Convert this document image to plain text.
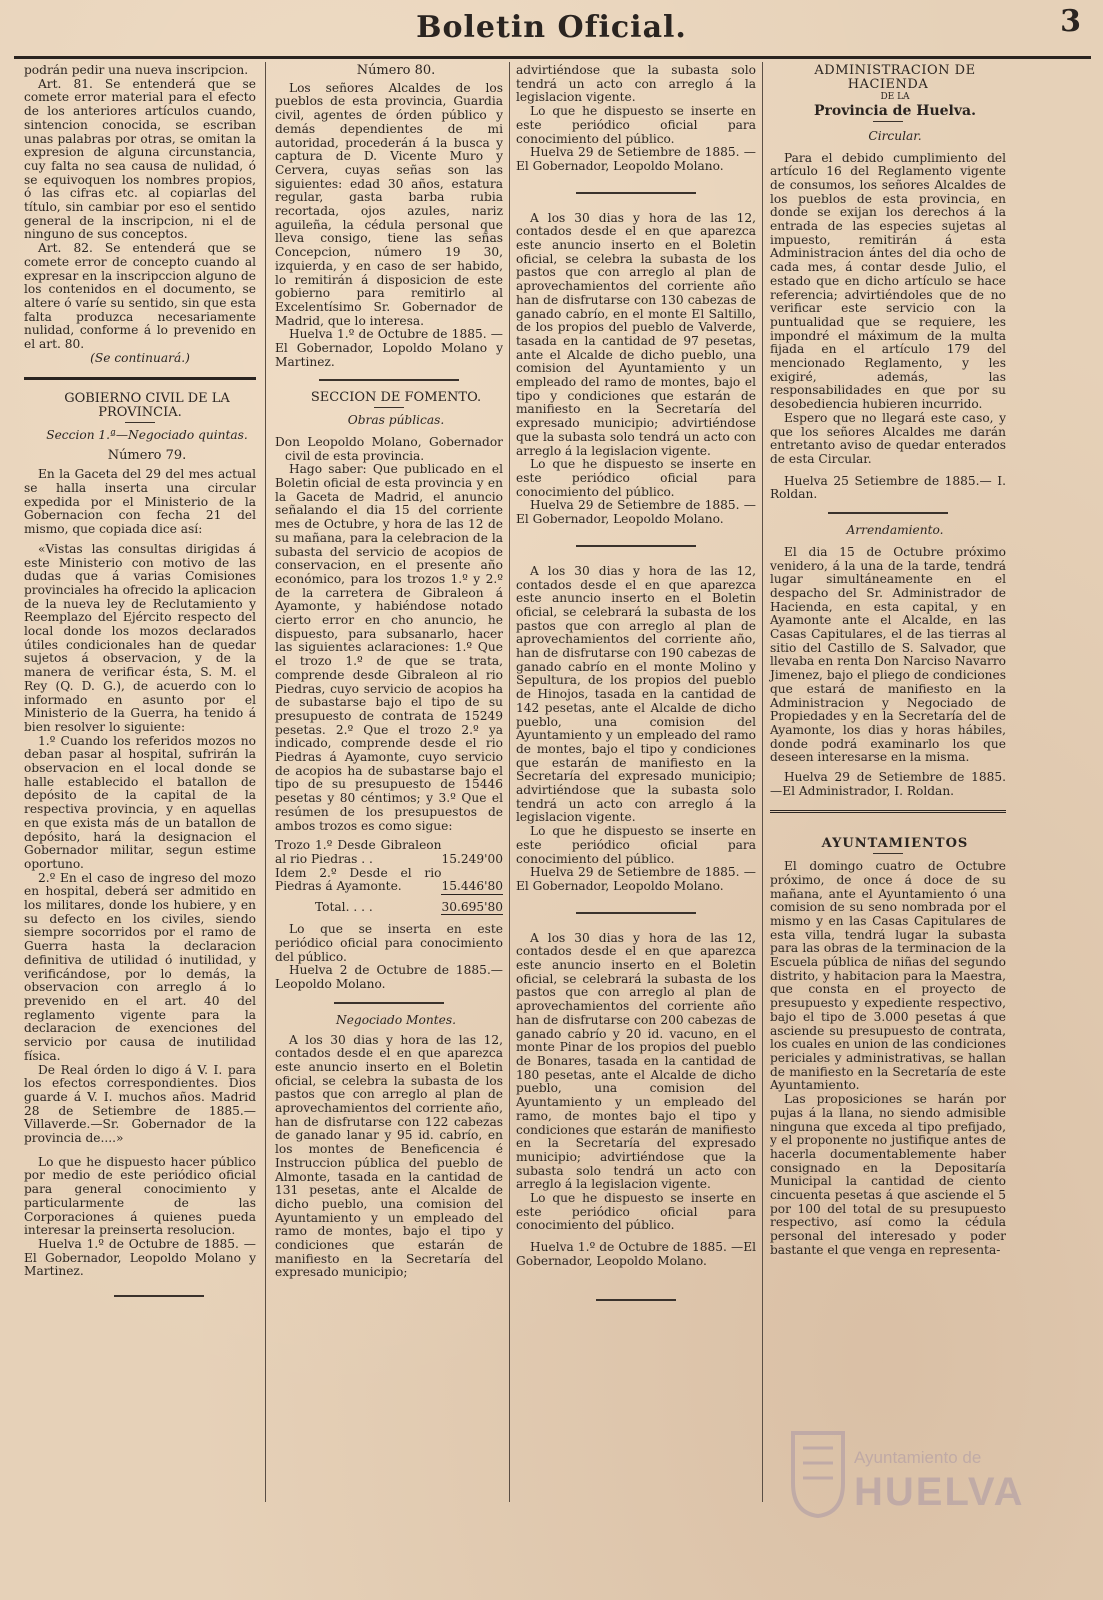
Boletin Oficial.	3

podrán pedir una nueva inscripcion.

Art. 81. Se entenderá que se comete error material para el efecto de los anteriores artículos cuando, sintencion conocida, se escriban unas palabras por otras, se omitan la expresion de alguna circunstancia, cuy falta no sea causa de nulidad, ó se equivoquen los nombres propios, ó las cifras etc. al copiarlas del título, sin cambiar por eso el sentido general de la inscripcion, ni el de ninguno de sus conceptos.

Art. 82. Se entenderá que se comete error de concepto cuando al expresar en la inscripccion alguno de los contenidos en el documento, se altere ó varíe su sentido, sin que esta falta produzca necesariamente nulidad, conforme á lo prevenido en el art. 80.

(Se continuará.)

GOBIERNO CIVIL DE LA PROVINCIA.

Seccion 1.ª—Negociado quintas.

Número 79.

En la Gaceta del 29 del mes actual se halla inserta una circular expedida por el Ministerio de la Gobernacion con fecha 21 del mismo, que copiada dice así:

«Vistas las consultas dirigidas á este Ministerio con motivo de las dudas que á varias Comisiones provinciales ha ofrecido la aplicacion de la nueva ley de Reclutamiento y Reemplazo del Ejército respecto del local donde los mozos declarados útiles condicionales han de quedar sujetos á observacion, y de la manera de verificar ésta, S. M. el Rey (Q. D. G.), de acuerdo con lo informado en asunto por el Ministerio de la Guerra, ha tenido á bien resolver lo siguiente:

1.º Cuando los referidos mozos no deban pasar al hospital, sufrirán la observacion en el local donde se halle establecido el batallon de depósito de la capital de la respectiva provincia, y en aquellas en que exista más de un batallon de depósito, hará la designacion el Gobernador militar, segun estime oportuno.

2.º En el caso de ingreso del mozo en hospital, deberá ser admitido en los militares, donde los hubiere, y en su defecto en los civiles, siendo siempre socorridos por el ramo de Guerra hasta la declaracion definitiva de utilidad ó inutilidad, y verificándose, por lo demás, la observacion con arreglo á lo prevenido en el art. 40 del reglamento vigente para la declaracion de exenciones del servicio por causa de inutilidad física.

De Real órden lo digo á V. I. para los efectos correspondientes. Dios guarde á V. I. muchos años. Madrid 28 de Setiembre de 1885.—Villaverde.—Sr. Gobernador de la provincia de....»

Lo que he dispuesto hacer público por medio de este periódico oficial para general conocimiento y particularmente de las Corporaciones á quienes pueda interesar la preinserta resolucion.

Huelva 1.º de Octubre de 1885. —El Gobernador, Leopoldo Molano y Martinez.

Número 80.

Los señores Alcaldes de los pueblos de esta provincia, Guardia civil, agentes de órden público y demás dependientes de mi autoridad, procederán á la busca y captura de D. Vicente Muro y Cervera, cuyas señas son las siguientes: edad 30 años, estatura regular, gasta barba rubia recortada, ojos azules, nariz aguileña, la cédula personal que lleva consigo, tiene las señas Concepcion, número 19 30, izquierda, y en caso de ser habido, lo remitirán á disposicion de este gobierno para remitirlo al Excelentísimo Sr. Gobernador de Madrid, que lo interesa.

Huelva 1.º de Octubre de 1885. —El Gobernador, Lopoldo Molano y Martinez.

SECCION DE FOMENTO.

Obras públicas.

Don Leopoldo Molano, Gobernador civil de esta provincia.

Hago saber: Que publicado en el Boletin oficial de esta provincia y en la Gaceta de Madrid, el anuncio señalando el dia 15 del corriente mes de Octubre, y hora de las 12 de su mañana, para la celebracion de la subasta del servicio de acopios de conservacion, en el presente año económico, para los trozos 1.º y 2.º de la carretera de Gibraleon á Ayamonte, y habiéndose notado cierto error en cho anuncio, he dispuesto, para subsanarlo, hacer las siguientes aclaraciones: 1.º Que el trozo 1.º de que se trata, comprende desde Gibraleon al rio Piedras, cuyo servicio de acopios ha de subastarse bajo el tipo de su presupuesto de contrata de 15249 pesetas. 2.º Que el trozo 2.º ya indicado, comprende desde el rio Piedras á Ayamonte, cuyo servicio de acopios ha de subastarse bajo el tipo de su presupuesto de 15446 pesetas y 80 céntimos; y 3.º Que el resúmen de los presupuestos de ambos trozos es como sigue:

Trozo 1.º Desde Gibraleon al rio Piedras . .	15.249'00
Idem 2.º Desde el rio Piedras á Ayamonte.	15.446'80
Total. . . .	30.695'80

Lo que se inserta en este periódico oficial para conocimiento del público.

Huelva 2 de Octubre de 1885.—Leopoldo Molano.

Negociado Montes.

A los 30 dias y hora de las 12, contados desde el en que aparezca este anuncio inserto en el Boletin oficial, se celebra la subasta de los pastos que con arreglo al plan de aprovechamientos del corriente año, han de disfrutarse con 122 cabezas de ganado lanar y 95 id. cabrío, en los montes de Beneficencia é Instruccion pública del pueblo de Almonte, tasada en la cantidad de 131 pesetas, ante el Alcalde de dicho pueblo, una comision del Ayuntamiento y un empleado del ramo de montes, bajo el tipo y condiciones que estarán de manifiesto en la Secretaría del expresado municipio;

advirtiéndose que la subasta solo tendrá un acto con arreglo á la legislacion vigente.

Lo que he dispuesto se inserte en este periódico oficial para conocimiento del público.

Huelva 29 de Setiembre de 1885. —El Gobernador, Leopoldo Molano.

A los 30 dias y hora de las 12, contados desde el en que aparezca este anuncio inserto en el Boletin oficial, se celebra la subasta de los pastos que con arreglo al plan de aprovechamientos del corriente año han de disfrutarse con 130 cabezas de ganado cabrío, en el monte El Saltillo, de los propios del pueblo de Valverde, tasada en la cantidad de 97 pesetas, ante el Alcalde de dicho pueblo, una comision del Ayuntamiento y un empleado del ramo de montes, bajo el tipo y condiciones que estarán de manifiesto en la Secretaría del expresado municipio; advirtiéndose que la subasta solo tendrá un acto con arreglo á la legislacion vigente.

Lo que he dispuesto se inserte en este periódico oficial para conocimiento del público.

Huelva 29 de Setiembre de 1885. —El Gobernador, Leopoldo Molano.

A los 30 dias y hora de las 12, contados desde el en que aparezca este anuncio inserto en el Boletin oficial, se celebrará la subasta de los pastos que con arreglo al plan de aprovechamientos del corriente año, han de disfrutarse con 190 cabezas de ganado cabrío en el monte Molino y Sepultura, de los propios del pueblo de Hinojos, tasada en la cantidad de 142 pesetas, ante el Alcalde de dicho pueblo, una comision del Ayuntamiento y un empleado del ramo de montes, bajo el tipo y condiciones que estarán de manifiesto en la Secretaría del expresado municipio; advirtiéndose que la subasta solo tendrá un acto con arreglo á la legislacion vigente.

Lo que he dispuesto se inserte en este periódico oficial para conocimiento del público.

Huelva 29 de Setiembre de 1885. —El Gobernador, Leopoldo Molano.

A los 30 dias y hora de las 12, contados desde el en que aparezca este anuncio inserto en el Boletin oficial, se celebrará la subasta de los pastos que con arreglo al plan de aprovechamientos del corriente año han de disfrutarse con 200 cabezas de ganado cabrío y 20 id. vacuno, en el monte Pinar de los propios del pueblo de Bonares, tasada en la cantidad de 180 pesetas, ante el Alcalde de dicho pueblo, una comision del Ayuntamiento y un empleado del ramo, de montes bajo el tipo y condiciones que estarán de manifiesto en la Secretaría del expresado municipio; advirtiéndose que la subasta solo tendrá un acto con arreglo á la legislacion vigente.

Lo que he dispuesto se inserte en este periódico oficial para conocimiento del público.

Huelva 1.º de Octubre de 1885. —El Gobernador, Leopoldo Molano.

ADMINISTRACION DE HACIENDA

DE LA

Provincia de Huelva.

Circular.

Para el debido cumplimiento del artículo 16 del Reglamento vigente de consumos, los señores Alcaldes de los pueblos de esta provincia, en donde se exijan los derechos á la entrada de las especies sujetas al impuesto, remitirán á esta Administracion ántes del dia ocho de cada mes, á contar desde Julio, el estado que en dicho artículo se hace referencia; advirtiéndoles que de no verificar este servicio con la puntualidad que se requiere, les impondré el máximum de la multa fijada en el artículo 179 del mencionado Reglamento, y les exigiré, además, las responsabilidades en que por su desobediencia hubieren incurrido.

Espero que no llegará este caso, y que los señores Alcaldes me darán entretanto aviso de quedar enterados de esta Circular.

Huelva 25 Setiembre de 1885.— I. Roldan.

Arrendamiento.

El dia 15 de Octubre próximo venidero, á la una de la tarde, tendrá lugar simultáneamente en el despacho del Sr. Administrador de Hacienda, en esta capital, y en Ayamonte ante el Alcalde, en las Casas Capitulares, el de las tierras al sitio del Castillo de S. Salvador, que llevaba en renta Don Narciso Navarro Jimenez, bajo el pliego de condiciones que estará de manifiesto en la Administracion y Negociado de Propiedades y en la Secretaría del de Ayamonte, los dias y horas hábiles, donde podrá examinarlo los que deseen interesarse en la misma.

Huelva 29 de Setiembre de 1885. —El Administrador, I. Roldan.

AYUNTAMIENTOS

El domingo cuatro de Octubre próximo, de once á doce de su mañana, ante el Ayuntamiento ó una comision de su seno nombrada por el mismo y en las Casas Capitulares de esta villa, tendrá lugar la subasta para las obras de la terminacion de la Escuela pública de niñas del segundo distrito, y habitacion para la Maestra, que consta en el proyecto de presupuesto y expediente respectivo, bajo el tipo de 3.000 pesetas á que asciende su presupuesto de contrata, los cuales en union de las condiciones periciales y administrativas, se hallan de manifiesto en la Secretaría de este Ayuntamiento.

Las proposiciones se harán por pujas á la llana, no siendo admisible ninguna que exceda al tipo prefijado, y el proponente no justifique antes de hacerla documentablemente haber consignado en la Depositaría Municipal la cantidad de ciento cincuenta pesetas á que asciende el 5 por 100 del total de su presupuesto respectivo, así como la cédula personal del interesado y poder bastante el que venga en representa-

Ayuntamiento de
HUELVA
